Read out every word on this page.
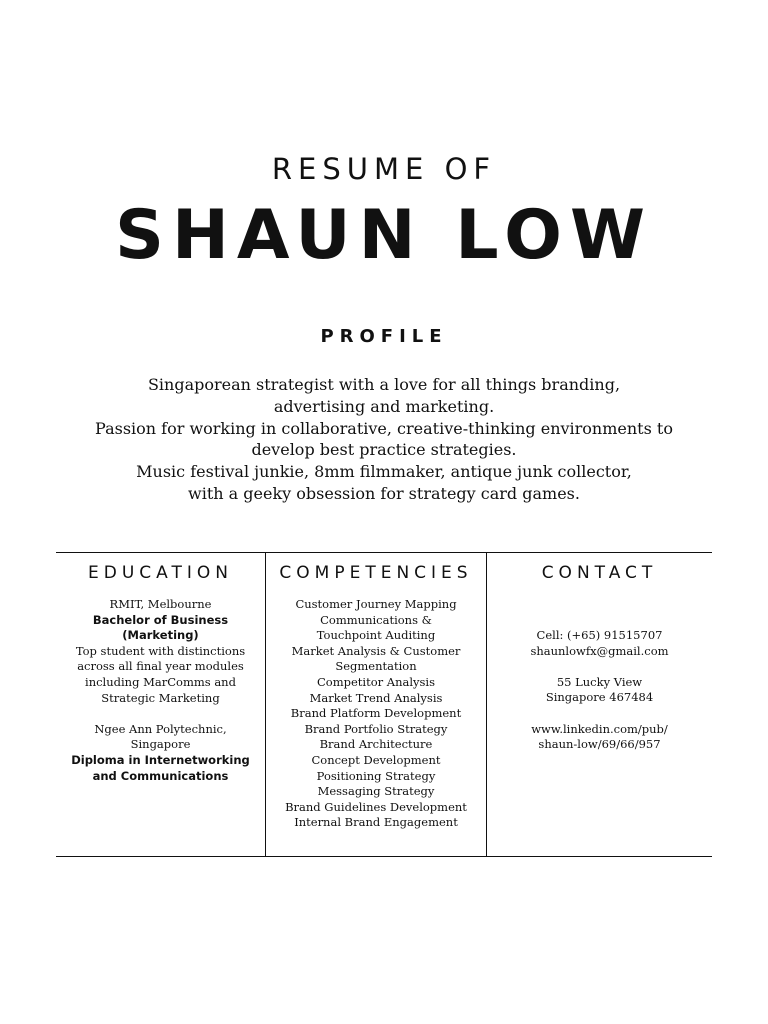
RESUME OF
SHAUN LOW
PROFILE
Singaporean strategist with a love for all things branding,
advertising and marketing.
Passion for working in collaborative, creative-thinking environments to
develop best practice strategies.
Music festival junkie, 8mm filmmaker, antique junk collector,
with a geeky obsession for strategy card games.
EDUCATION
RMIT, Melbourne
Bachelor of Business
(Marketing)
Top student with distinctions
across all final year modules
including MarComms and
Strategic Marketing
Ngee Ann Polytechnic,
Singapore
Diploma in Internetworking
and Communications
COMPETENCIES
Customer Journey Mapping
Communications &
Touchpoint Auditing
Market Analysis & Customer
Segmentation
Competitor Analysis
Market Trend Analysis
Brand Platform Development
Brand Portfolio Strategy
Brand Architecture
Concept Development
Positioning Strategy
Messaging Strategy
Brand Guidelines Development
Internal Brand Engagement
CONTACT
Cell: (+65) 91515707
shaunlowfx@gmail.com
55 Lucky View
Singapore 467484
www.linkedin.com/pub/
shaun-low/69/66/957
